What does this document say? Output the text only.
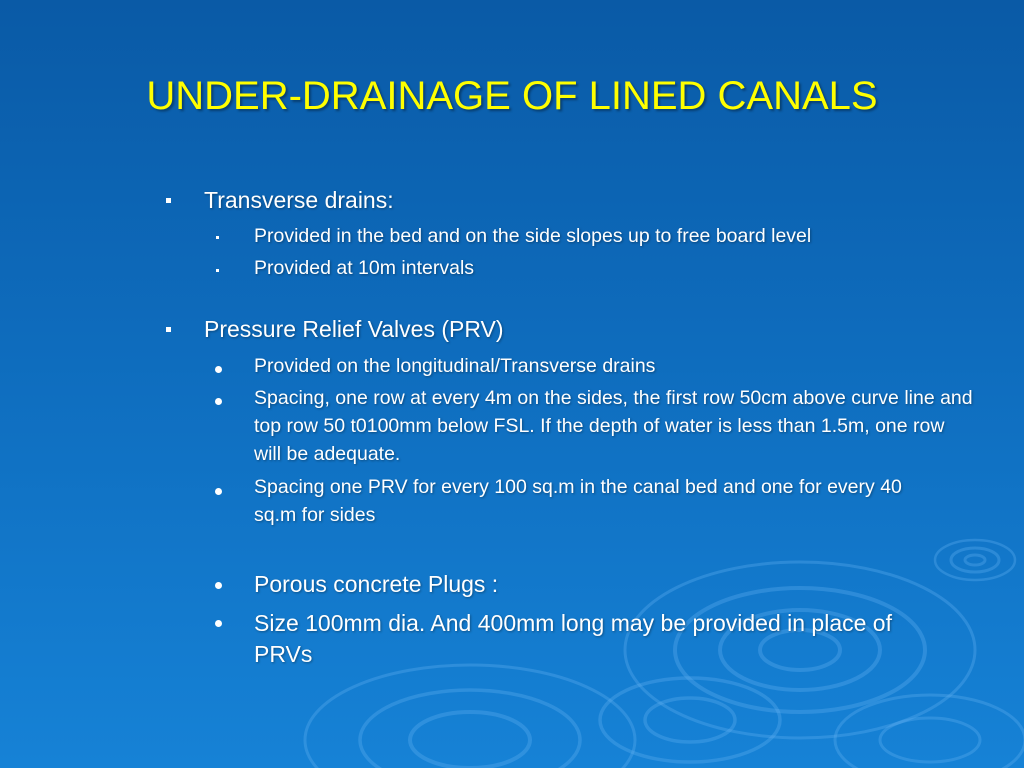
UNDER-DRAINAGE OF LINED CANALS

Transverse drains:

Provided in the bed and on the side slopes up to free board level

Provided at 10m intervals

Pressure Relief Valves (PRV)

Provided on the longitudinal/Transverse drains

Spacing, one row at every 4m on the sides, the first row 50cm above curve line and top row 50 t0100mm below FSL. If the depth of water is less than 1.5m, one row will be adequate.

Spacing one PRV for every 100 sq.m in the canal bed and one for every 40 sq.m for sides

Porous concrete Plugs :

Size 100mm dia. And 400mm long may be provided in place of PRVs
